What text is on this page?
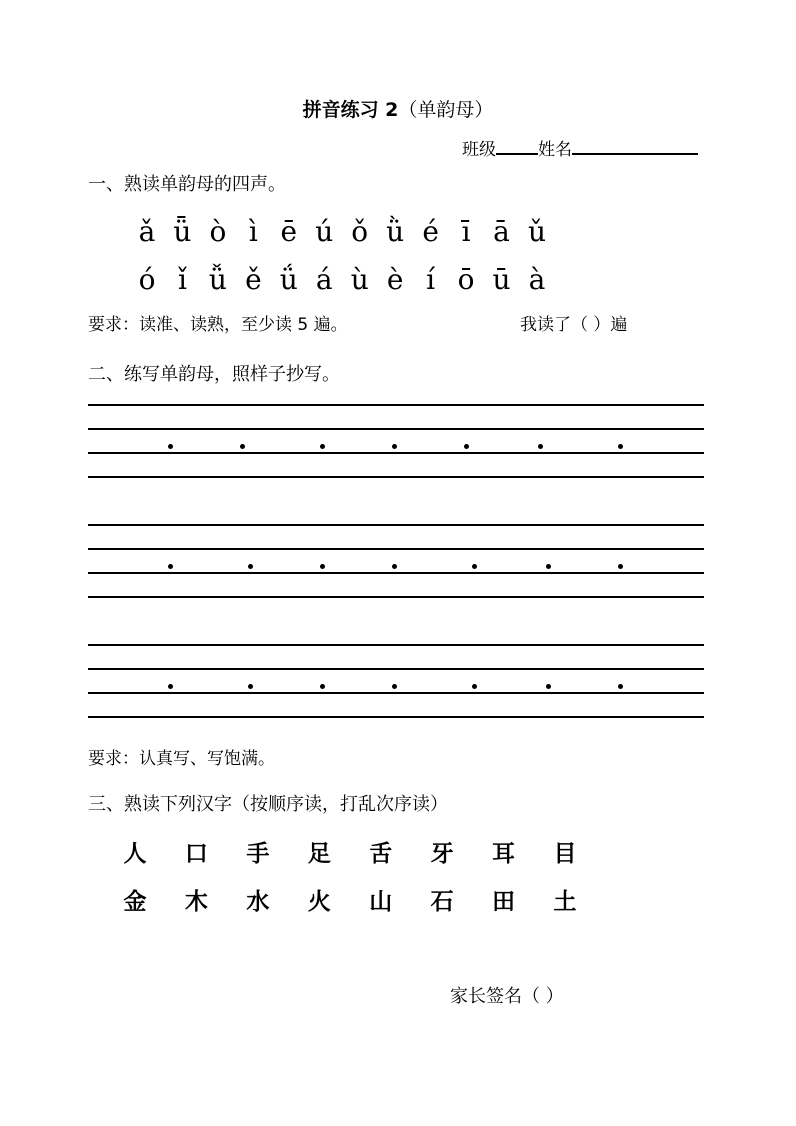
拼音练习 2（单韵母）
班级 姓名
一、熟读单韵母的四声。
ǎ ǖ ò ì ē ú ǒ ǜ é ī ā ǔ
ó ǐ ǚ ě ǘ á ù è í ō ū à
要求：读准、读熟，至少读 5 遍。	我读了（ ）遍
二、练写单韵母，照样子抄写。
要求：认真写、写饱满。
三、熟读下列汉字（按顺序读，打乱次序读）
人	口	手	足	舌	牙	耳	目
金	木	水	火	山	石	田	土
家长签名（ ）
